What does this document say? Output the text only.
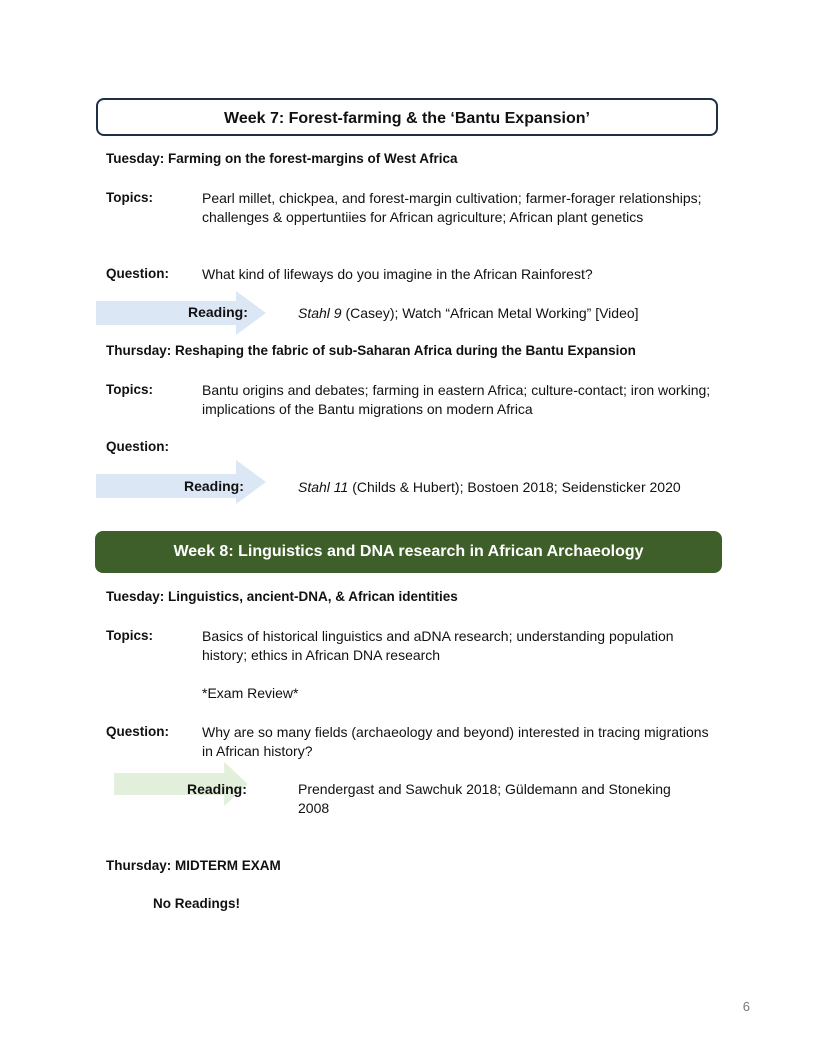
Week 7: Forest-farming & the ‘Bantu Expansion’
Tuesday: Farming on the forest-margins of West Africa
Topics:	Pearl millet, chickpea, and forest-margin cultivation; farmer-forager relationships; challenges & oppertuntiies for African agriculture; African plant genetics
Question: What kind of lifeways do you imagine in the African Rainforest?
Reading:	Stahl 9 (Casey); Watch “African Metal Working” [Video]
Thursday: Reshaping the fabric of sub-Saharan Africa during the Bantu Expansion
Topics:	Bantu origins and debates; farming in eastern Africa; culture-contact; iron working; implications of the Bantu migrations on modern Africa
Question:
Reading:	Stahl 11 (Childs & Hubert); Bostoen 2018; Seidensticker 2020
Week 8: Linguistics and DNA research in African Archaeology
Tuesday: Linguistics, ancient-DNA, & African identities
Topics:	Basics of historical linguistics and aDNA research; understanding population history; ethics in African DNA research
*Exam Review*
Question: Why are so many fields (archaeology and beyond) interested in tracing migrations in African history?
Reading:	Prendergast and Sawchuk 2018; Güldemann and Stoneking 2008
Thursday: MIDTERM EXAM
No Readings!
6
